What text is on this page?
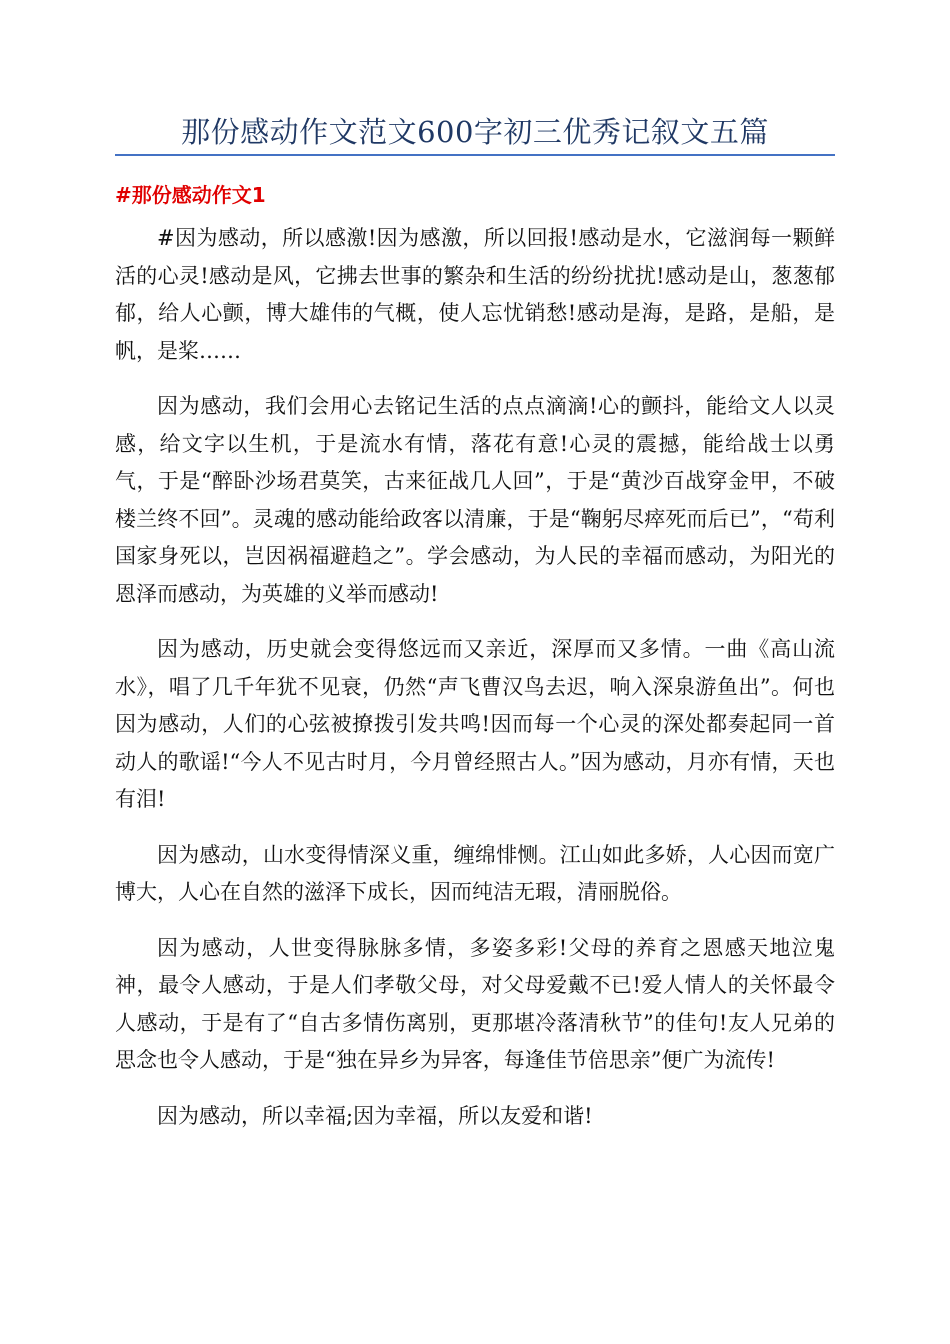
那份感动作文范文600字初三优秀记叙文五篇
#那份感动作文1

#因为感动，所以感激!因为感激，所以回报!感动是水，它滋润每一颗鲜活的心灵!感动是风，它拂去世事的繁杂和生活的纷纷扰扰!感动是山，葱葱郁郁，给人心颤，博大雄伟的气概，使人忘忧销愁!感动是海，是路，是船，是帆，是桨……

因为感动，我们会用心去铭记生活的点点滴滴!心的颤抖，能给文人以灵感，给文字以生机，于是流水有情，落花有意!心灵的震撼，能给战士以勇气，于是“醉卧沙场君莫笑，古来征战几人回”，于是“黄沙百战穿金甲，不破楼兰终不回”。灵魂的感动能给政客以清廉，于是“鞠躬尽瘁死而后已”，“苟利国家身死以，岂因祸福避趋之”。学会感动，为人民的幸福而感动，为阳光的恩泽而感动，为英雄的义举而感动!

因为感动，历史就会变得悠远而又亲近，深厚而又多情。一曲《高山流水》，唱了几千年犹不见衰，仍然“声飞曹汉鸟去迟，响入深泉游鱼出”。何也因为感动，人们的心弦被撩拨引发共鸣!因而每一个心灵的深处都奏起同一首动人的歌谣!“今人不见古时月，今月曾经照古人。”因为感动，月亦有情，天也有泪!

因为感动，山水变得情深义重，缠绵悱恻。江山如此多娇，人心因而宽广博大，人心在自然的滋泽下成长，因而纯洁无瑕，清丽脱俗。

因为感动，人世变得脉脉多情，多姿多彩!父母的养育之恩感天地泣鬼神，最令人感动，于是人们孝敬父母，对父母爱戴不已!爱人情人的关怀最令人感动，于是有了“自古多情伤离别，更那堪冷落清秋节”的佳句!友人兄弟的思念也令人感动，于是“独在异乡为异客，每逢佳节倍思亲”便广为流传!

因为感动，所以幸福;因为幸福，所以友爱和谐!
